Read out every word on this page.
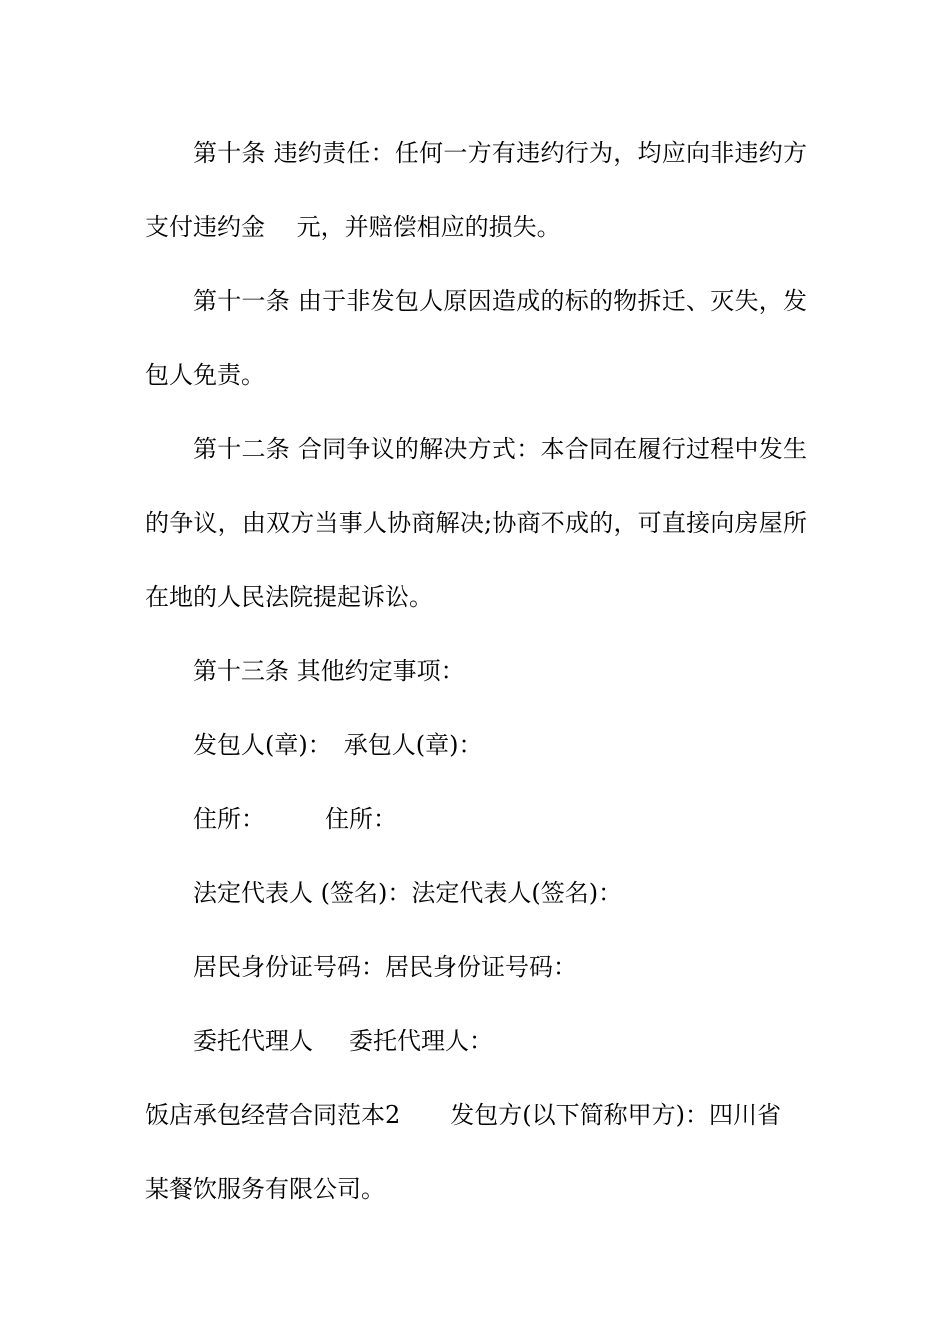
第十条 违约责任：任何一方有违约行为，均应向非违约方
支付违约金　 元，并赔偿相应的损失。
第十一条 由于非发包人原因造成的标的物拆迁、灭失，发
包人免责。
第十二条 合同争议的解决方式：本合同在履行过程中发生
的争议，由双方当事人协商解决;协商不成的，可直接向房屋所
在地的人民法院提起诉讼。
第十三条 其他约定事项：
发包人(章)： 承包人(章)：
住所：	住所：
法定代表人 (签名)：法定代表人(签名)：
居民身份证号码：居民身份证号码：
委托代理人 委托代理人：
饭店承包经营合同范本2 发包方(以下简称甲方)：四川省
某餐饮服务有限公司。
